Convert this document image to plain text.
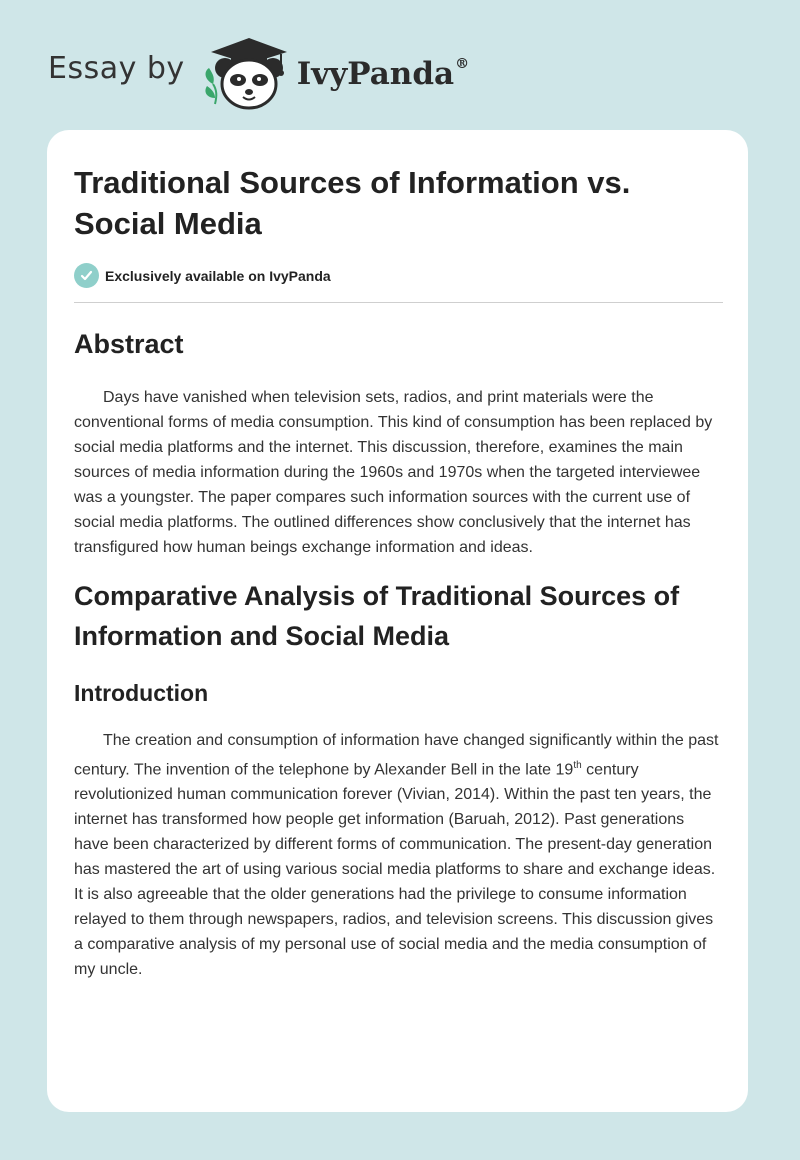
Essay by	IvyPanda®
Traditional Sources of Information vs. Social Media
Exclusively available on IvyPanda
Abstract

Days have vanished when television sets, radios, and print materials were the conventional forms of media consumption. This kind of consumption has been replaced by social media platforms and the internet. This discussion, therefore, examines the main sources of media information during the 1960s and 1970s when the targeted interviewee was a youngster. The paper compares such information sources with the current use of social media platforms. The outlined differences show conclusively that the internet has transfigured how human beings exchange information and ideas.

Comparative Analysis of Traditional Sources of Information and Social Media
Introduction

The creation and consumption of information have changed significantly within the past century. The invention of the telephone by Alexander Bell in the late 19th century revolutionized human communication forever (Vivian, 2014). Within the past ten years, the internet has transformed how people get information (Baruah, 2012). Past generations have been characterized by different forms of communication. The present-day generation has mastered the art of using various social media platforms to share and exchange ideas. It is also agreeable that the older generations had the privilege to consume information relayed to them through newspapers, radios, and television screens. This discussion gives a comparative analysis of my personal use of social media and the media consumption of my uncle.
